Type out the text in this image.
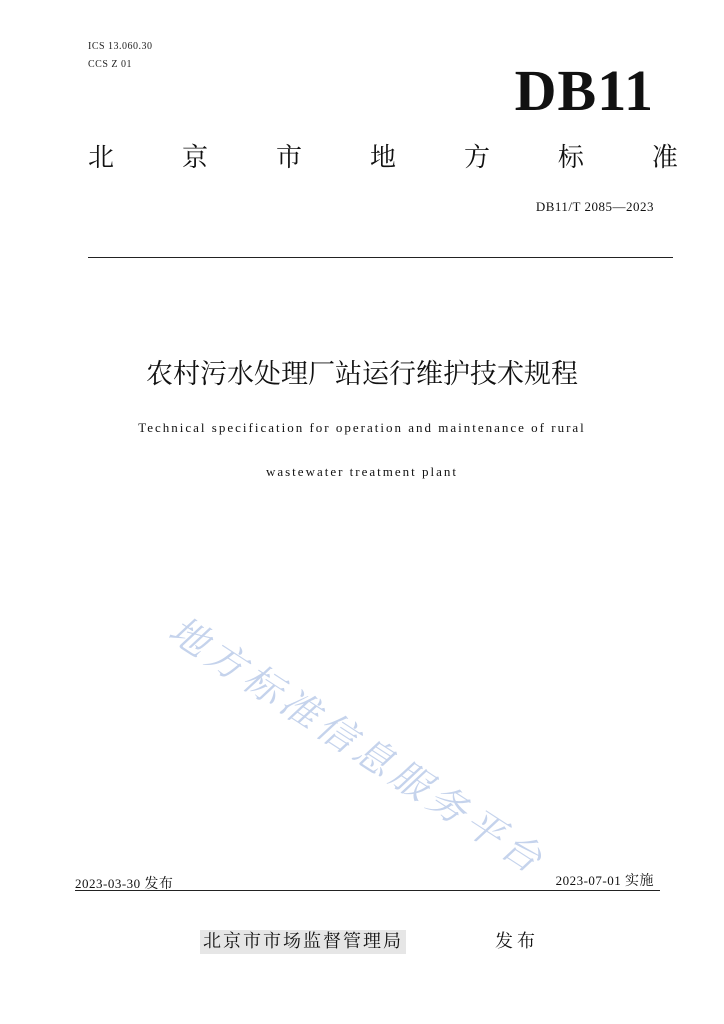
ICS 13.060.30
CCS Z 01	DB11
北	京	市	地	方	标	准
DB11/T 2085—2023
农村污水处理厂站运行维护技术规程
Technical specification for operation and maintenance of rural
wastewater treatment plant
地方标准信息服务平台
2023-03-30 发布	2023-07-01 实施
北京市市场监督管理局	发布
